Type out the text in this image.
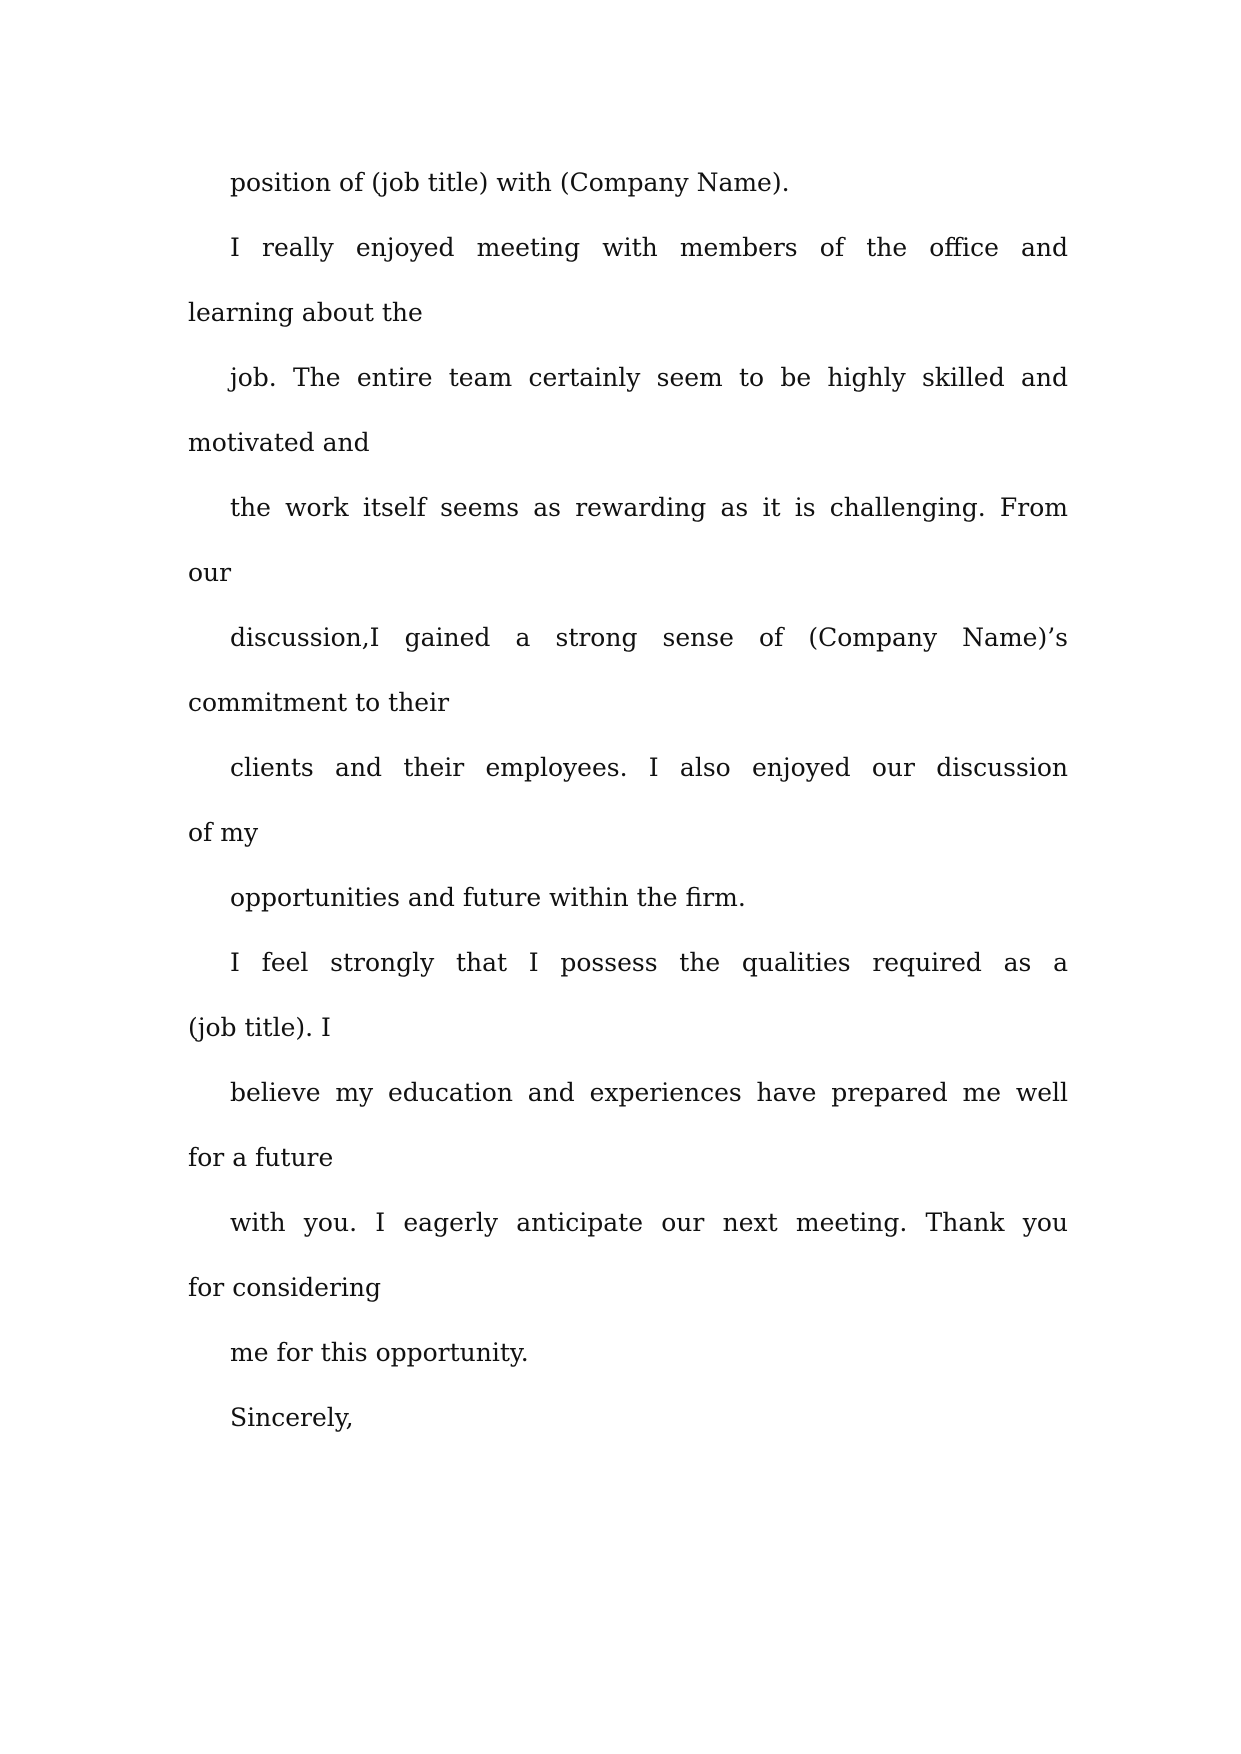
position of (job title) with (Company Name).
I really enjoyed meeting with members of the office and
learning about the
job. The entire team certainly seem to be highly skilled and
motivated and
the work itself seems as rewarding as it is challenging. From
our
discussion,I gained a strong sense of (Company Name)’s
commitment to their
clients and their employees. I also enjoyed our discussion
of my
opportunities and future within the firm.
I feel strongly that I possess the qualities required as a
(job title). I
believe my education and experiences have prepared me well
for a future
with you. I eagerly anticipate our next meeting. Thank you
for considering
me for this opportunity.
Sincerely,
